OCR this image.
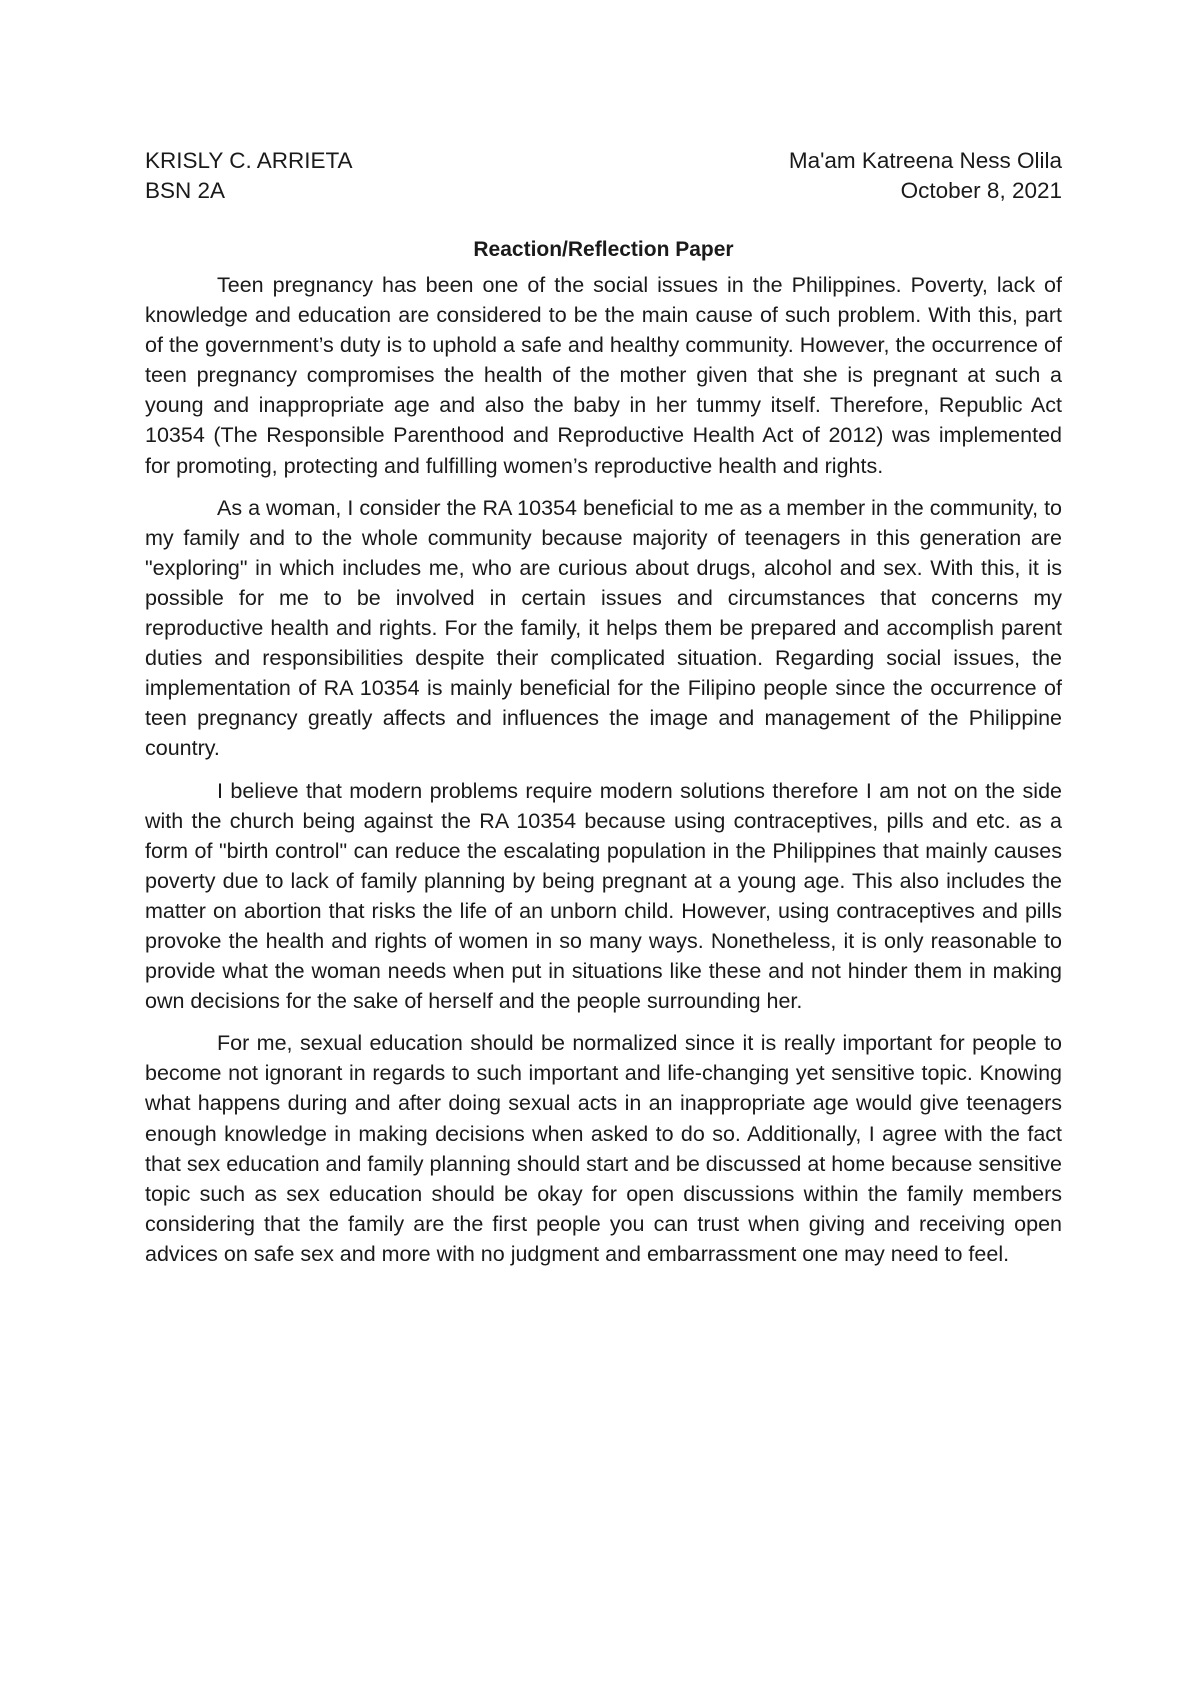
KRISLY C. ARRIETA	Ma'am Katreena Ness Olila
BSN 2A	October 8, 2021
Reaction/Reflection Paper

Teen pregnancy has been one of the social issues in the Philippines. Poverty, lack of knowledge and education are considered to be the main cause of such problem. With this, part of the government’s duty is to uphold a safe and healthy community. However, the occurrence of teen pregnancy compromises the health of the mother given that she is pregnant at such a young and inappropriate age and also the baby in her tummy itself. Therefore, Republic Act 10354 (The Responsible Parenthood and Reproductive Health Act of 2012) was implemented for promoting, protecting and fulfilling women’s reproductive health and rights.

As a woman, I consider the RA 10354 beneficial to me as a member in the community, to my family and to the whole community because majority of teenagers in this generation are "exploring" in which includes me, who are curious about drugs, alcohol and sex. With this, it is possible for me to be involved in certain issues and circumstances that concerns my reproductive health and rights. For the family, it helps them be prepared and accomplish parent duties and responsibilities despite their complicated situation. Regarding social issues, the implementation of RA 10354 is mainly beneficial for the Filipino people since the occurrence of teen pregnancy greatly affects and influences the image and management of the Philippine country.

I believe that modern problems require modern solutions therefore I am not on the side with the church being against the RA 10354 because using contraceptives, pills and etc. as a form of "birth control" can reduce the escalating population in the Philippines that mainly causes poverty due to lack of family planning by being pregnant at a young age. This also includes the matter on abortion that risks the life of an unborn child. However, using contraceptives and pills provoke the health and rights of women in so many ways. Nonetheless, it is only reasonable to provide what the woman needs when put in situations like these and not hinder them in making own decisions for the sake of herself and the people surrounding her.

For me, sexual education should be normalized since it is really important for people to become not ignorant in regards to such important and life-changing yet sensitive topic. Knowing what happens during and after doing sexual acts in an inappropriate age would give teenagers enough knowledge in making decisions when asked to do so. Additionally, I agree with the fact that sex education and family planning should start and be discussed at home because sensitive topic such as sex education should be okay for open discussions within the family members considering that the family are the first people you can trust when giving and receiving open advices on safe sex and more with no judgment and embarrassment one may need to feel.
